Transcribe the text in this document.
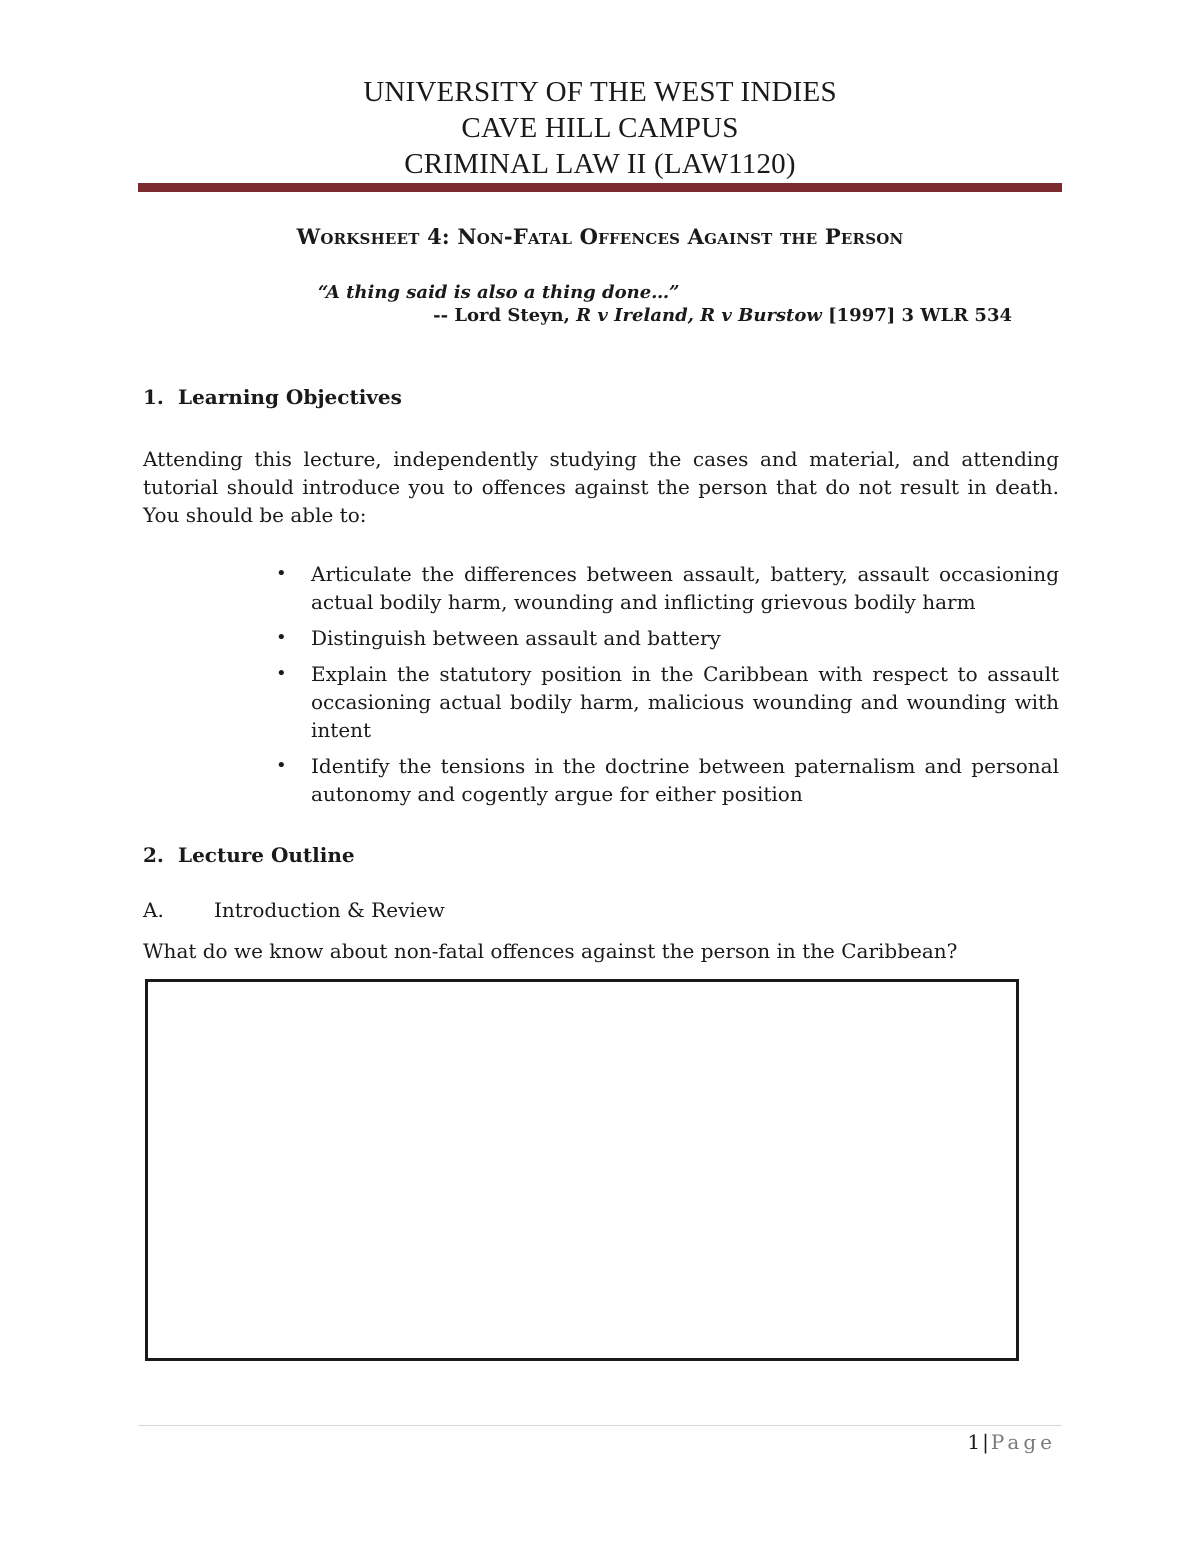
UNIVERSITY OF THE WEST INDIES
CAVE HILL CAMPUS
CRIMINAL LAW II (LAW1120)
Worksheet 4: Non-Fatal Offences Against the Person
“A thing said is also a thing done…”
-- Lord Steyn, R v Ireland, R v Burstow [1997] 3 WLR 534
1. Learning Objectives
Attending this lecture, independently studying the cases and material, and attending tutorial should introduce you to offences against the person that do not result in death. You should be able to:
• Articulate the differences between assault, battery, assault occasioning actual bodily harm, wounding and inflicting grievous bodily harm
• Distinguish between assault and battery
• Explain the statutory position in the Caribbean with respect to assault occasioning actual bodily harm, malicious wounding and wounding with intent
• Identify the tensions in the doctrine between paternalism and personal autonomy and cogently argue for either position
2. Lecture Outline
A.	Introduction & Review
What do we know about non-fatal offences against the person in the Caribbean?
1 | Page
